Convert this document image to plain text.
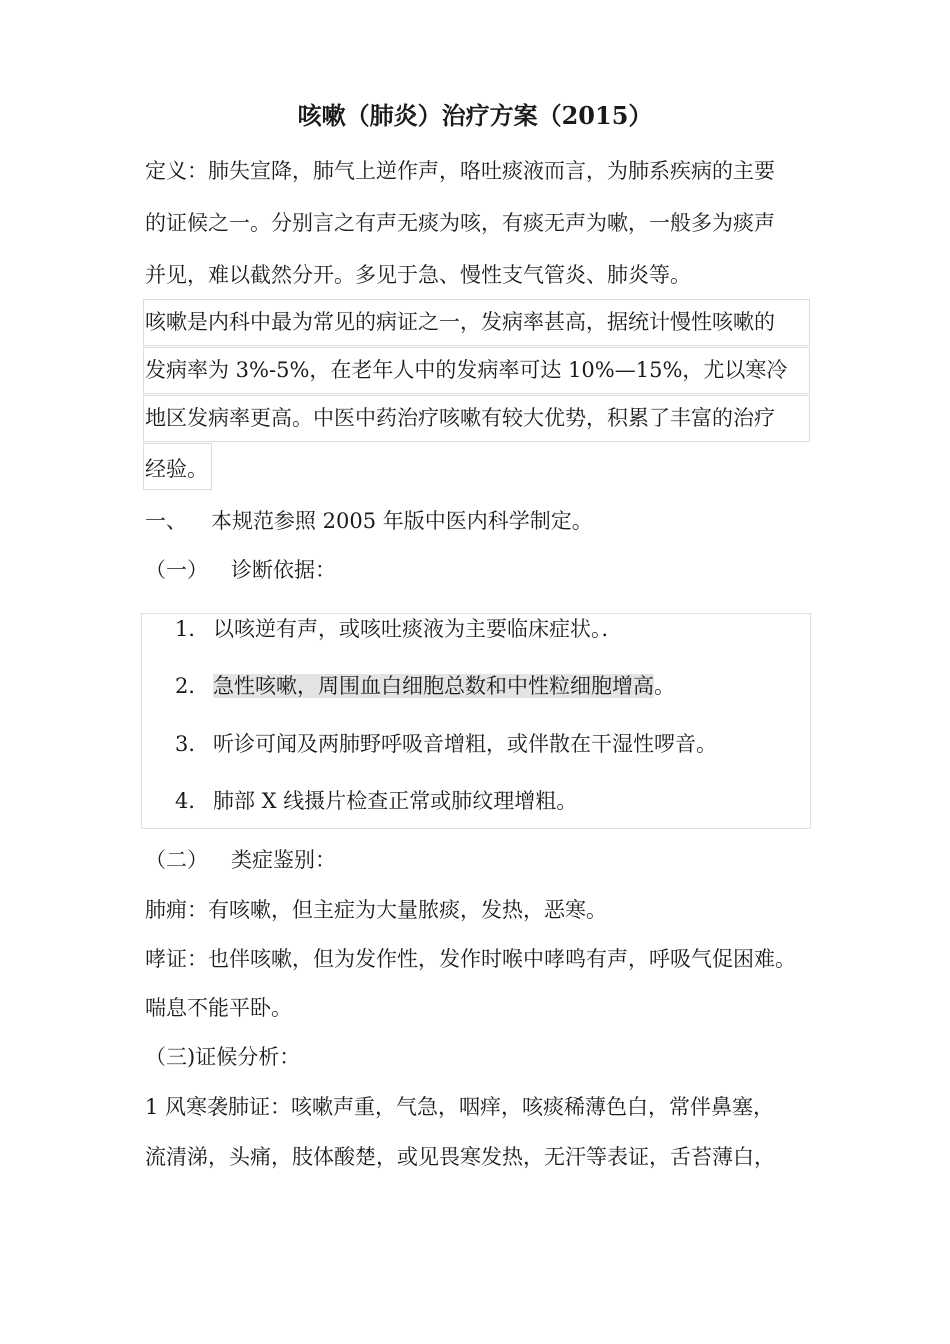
咳嗽（肺炎）治疗方案（2015）
定义：肺失宣降，肺气上逆作声，咯吐痰液而言，为肺系疾病的主要
的证候之一。分别言之有声无痰为咳，有痰无声为嗽，一般多为痰声
并见，难以截然分开。多见于急、慢性支气管炎、肺炎等。
咳嗽是内科中最为常见的病证之一，发病率甚高，据统计慢性咳嗽的
发病率为 3%-5%，在老年人中的发病率可达 10%—15%，尤以寒冷
地区发病率更高。中医中药治疗咳嗽有较大优势，积累了丰富的治疗
经验。
一、 本规范参照 2005 年版中医内科学制定。
（一） 诊断依据：
1． 以咳逆有声，或咳吐痰液为主要临床症状。．
2． 急性咳嗽，周围血白细胞总数和中性粒细胞增高。
3． 听诊可闻及两肺野呼吸音增粗，或伴散在干湿性啰音。
4． 肺部 X 线摄片检查正常或肺纹理增粗。
（二） 类症鉴别：
肺痈：有咳嗽，但主症为大量脓痰，发热，恶寒。
哮证：也伴咳嗽，但为发作性，发作时喉中哮鸣有声，呼吸气促困难。
喘息不能平卧。
（三)证候分析：
1 风寒袭肺证：咳嗽声重，气急，咽痒，咳痰稀薄色白，常伴鼻塞，
流清涕，头痛，肢体酸楚，或见畏寒发热，无汗等表证，舌苔薄白，
